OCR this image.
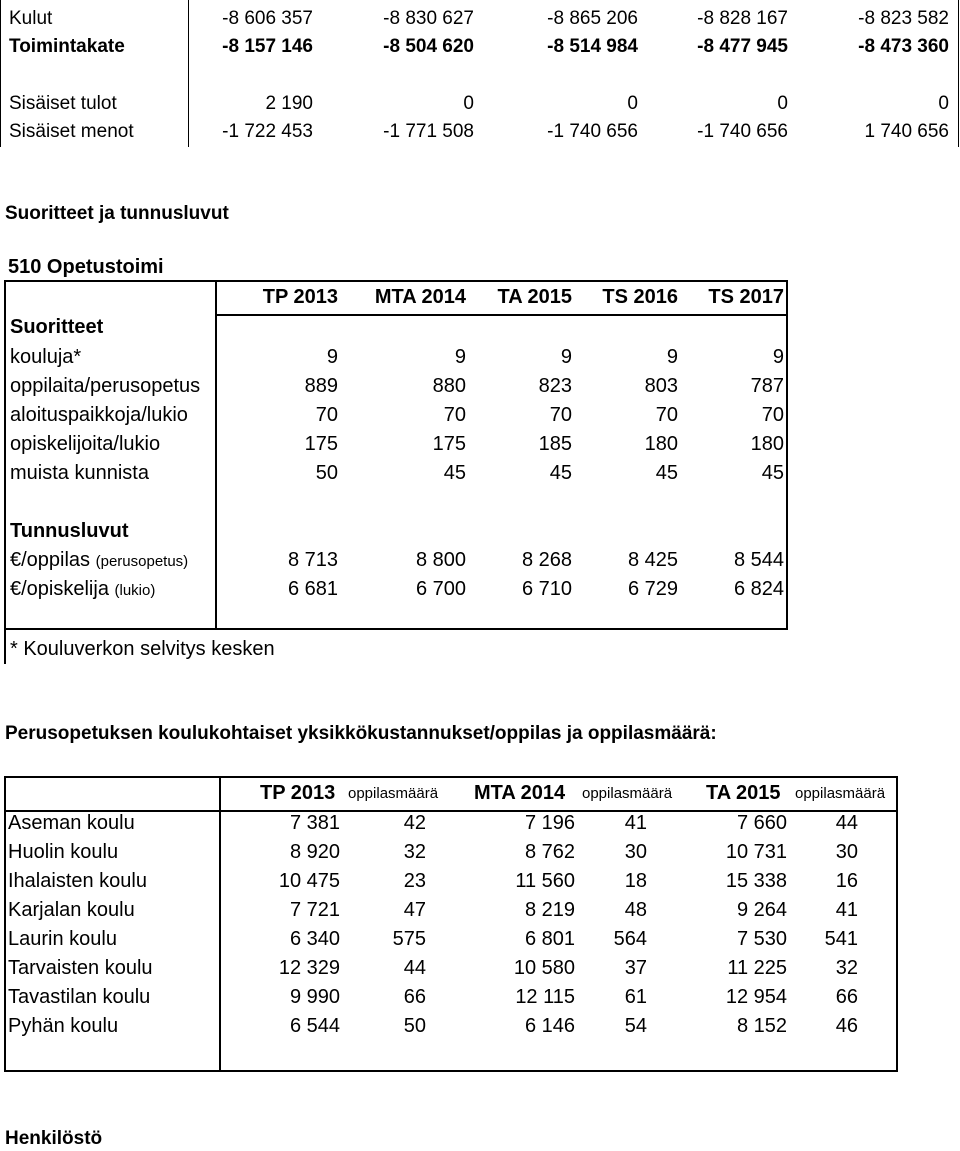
Kulut	-8 606 357	-8 830 627	-8 865 206	-8 828 167	-8 823 582
Toimintakate	-8 157 146	-8 504 620	-8 514 984	-8 477 945	-8 473 360
Sisäiset tulot	2 190	0	0	0	0
Sisäiset menot	-1 722 453	-1 771 508	-1 740 656	-1 740 656	1 740 656
Suoritteet ja tunnusluvut
510 Opetustoimi
TP 2013	MTA 2014	TA 2015	TS 2016	TS 2017
Suoritteet
kouluja*	9	9	9	9	9
oppilaita/perusopetus	889	880	823	803	787
aloituspaikkoja/lukio	70	70	70	70	70
opiskelijoita/lukio	175	175	185	180	180
muista kunnista	50	45	45	45	45
Tunnusluvut
€/oppilas (perusopetus)	8 713	8 800	8 268	8 425	8 544
€/opiskelija (lukio)	6 681	6 700	6 710	6 729	6 824
* Kouluverkon selvitys kesken
Perusopetuksen koulukohtaiset yksikkökustannukset/oppilas ja oppilasmäärä:
TP 2013 oppilasmäärä MTA 2014 oppilasmäärä TA 2015 oppilasmäärä
Aseman koulu	7 381	42	7 196	41	7 660	44
Huolin koulu	8 920	32	8 762	30	10 731	30
Ihalaisten koulu	10 475	23	11 560	18	15 338	16
Karjalan koulu	7 721	47	8 219	48	9 264	41
Laurin koulu	6 340	575	6 801	564	7 530	541
Tarvaisten koulu	12 329	44	10 580	37	11 225	32
Tavastilan koulu	9 990	66	12 115	61	12 954	66
Pyhän koulu	6 544	50	6 146	54	8 152	46
Henkilöstö
